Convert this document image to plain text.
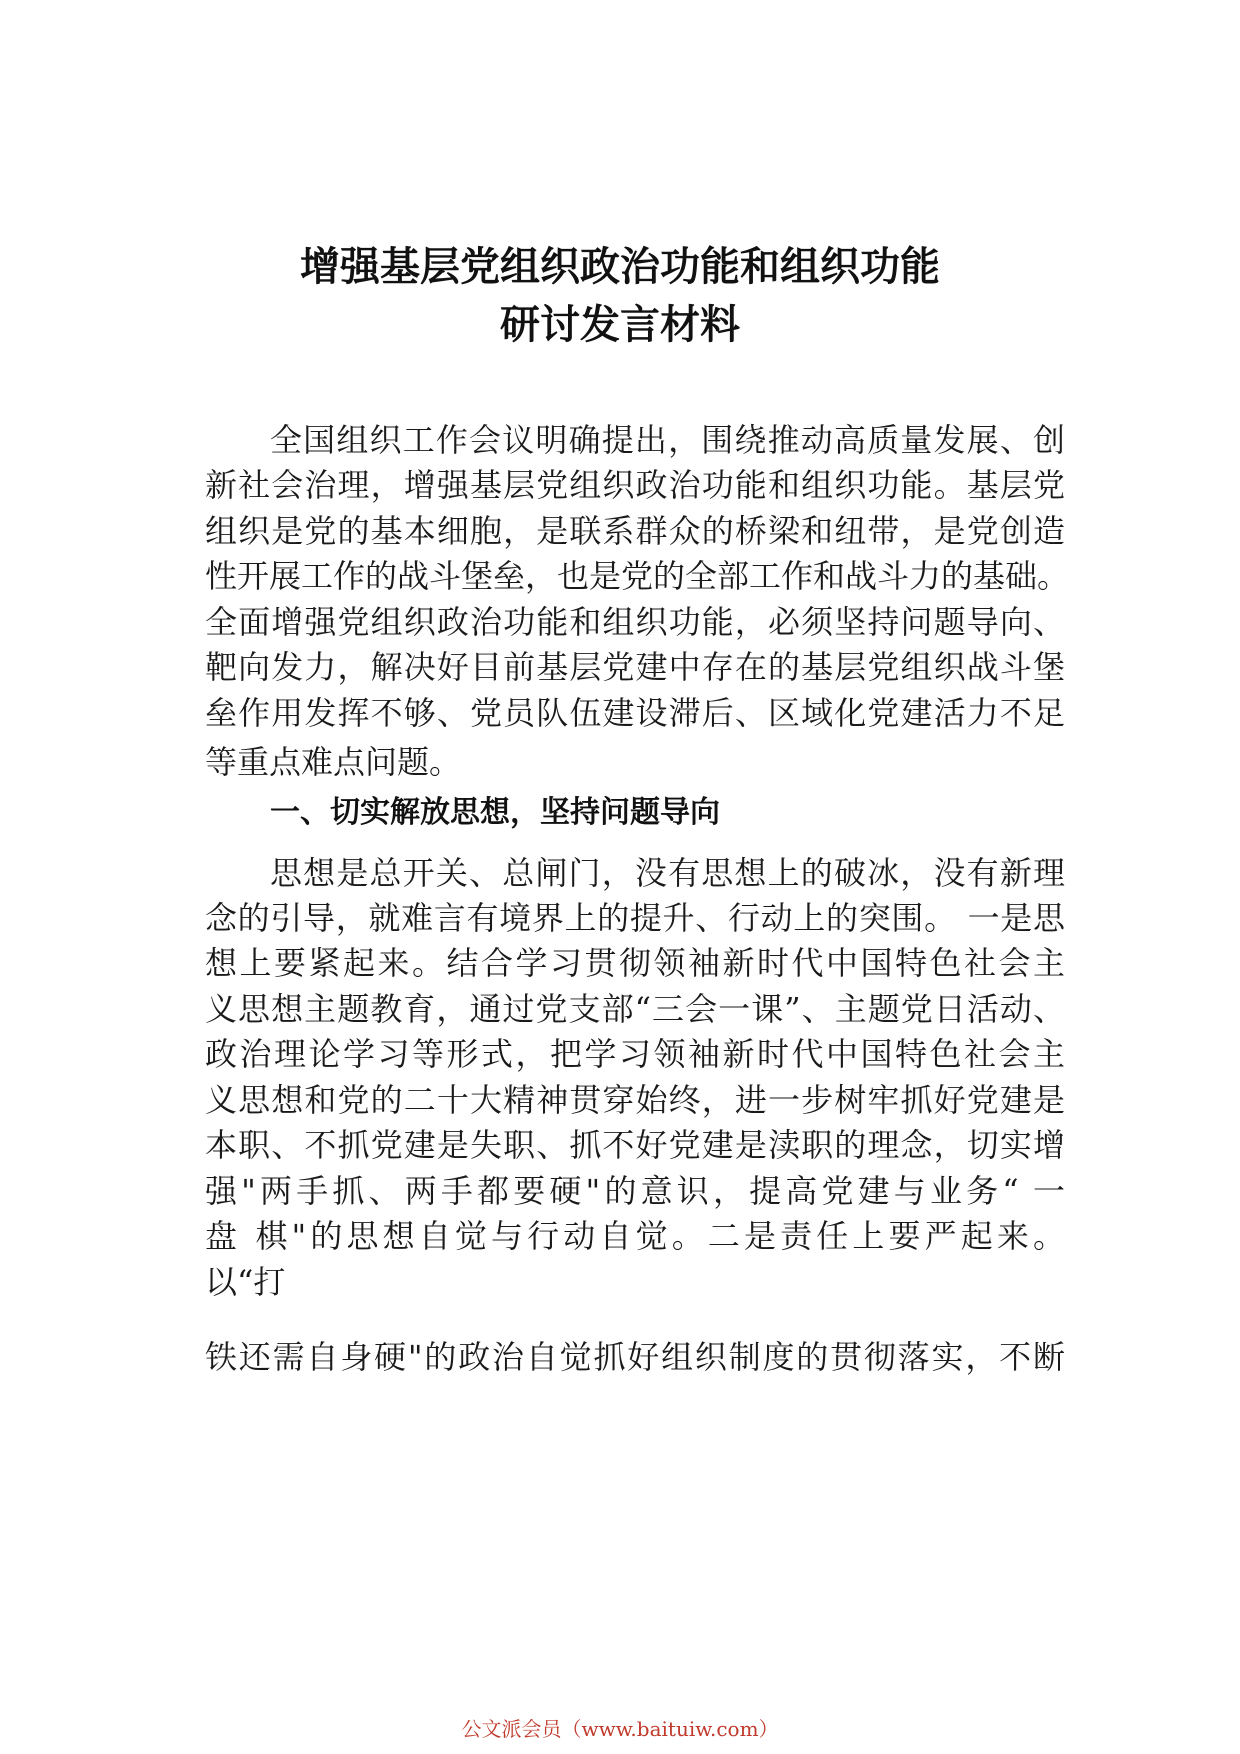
增强基层党组织政治功能和组织功能
研讨发言材料

全国组织工作会议明确提出，围绕推动高质量发展、创

新社会治理，增强基层党组织政治功能和组织功能。基层党

组织是党的基本细胞，是联系群众的桥梁和纽带，是党创造

性开展工作的战斗堡垒，也是党的全部工作和战斗力的基础。

全面增强党组织政治功能和组织功能，必须坚持问题导向、

靶向发力，解决好目前基层党建中存在的基层党组织战斗堡

垒作用发挥不够、党员队伍建设滞后、区域化党建活力不足

等重点难点问题。

一、切实解放思想，坚持问题导向

思想是总开关、总闸门，没有思想上的破冰，没有新理

念的引导，就难言有境界上的提升、行动上的突围。 一是思

想上要紧起来。结合学习贯彻领袖新时代中国特色社会主

义思想主题教育，通过党支部“三会一课”、主题党日活动、

政治理论学习等形式，把学习领袖新时代中国特色社会主

义思想和党的二十大精神贯穿始终，进一步树牢抓好党建是

本职、不抓党建是失职、抓不好党建是渎职的理念，切实增

强"两手抓、两手都要硬"的意识，提高党建与业务“ 一

盘 棋"的思想自觉与行动自觉。二是责任上要严起来。

以“打

铁还需自身硬"的政治自觉抓好组织制度的贯彻落实，不断

公文派会员（www.baituiw.com）
